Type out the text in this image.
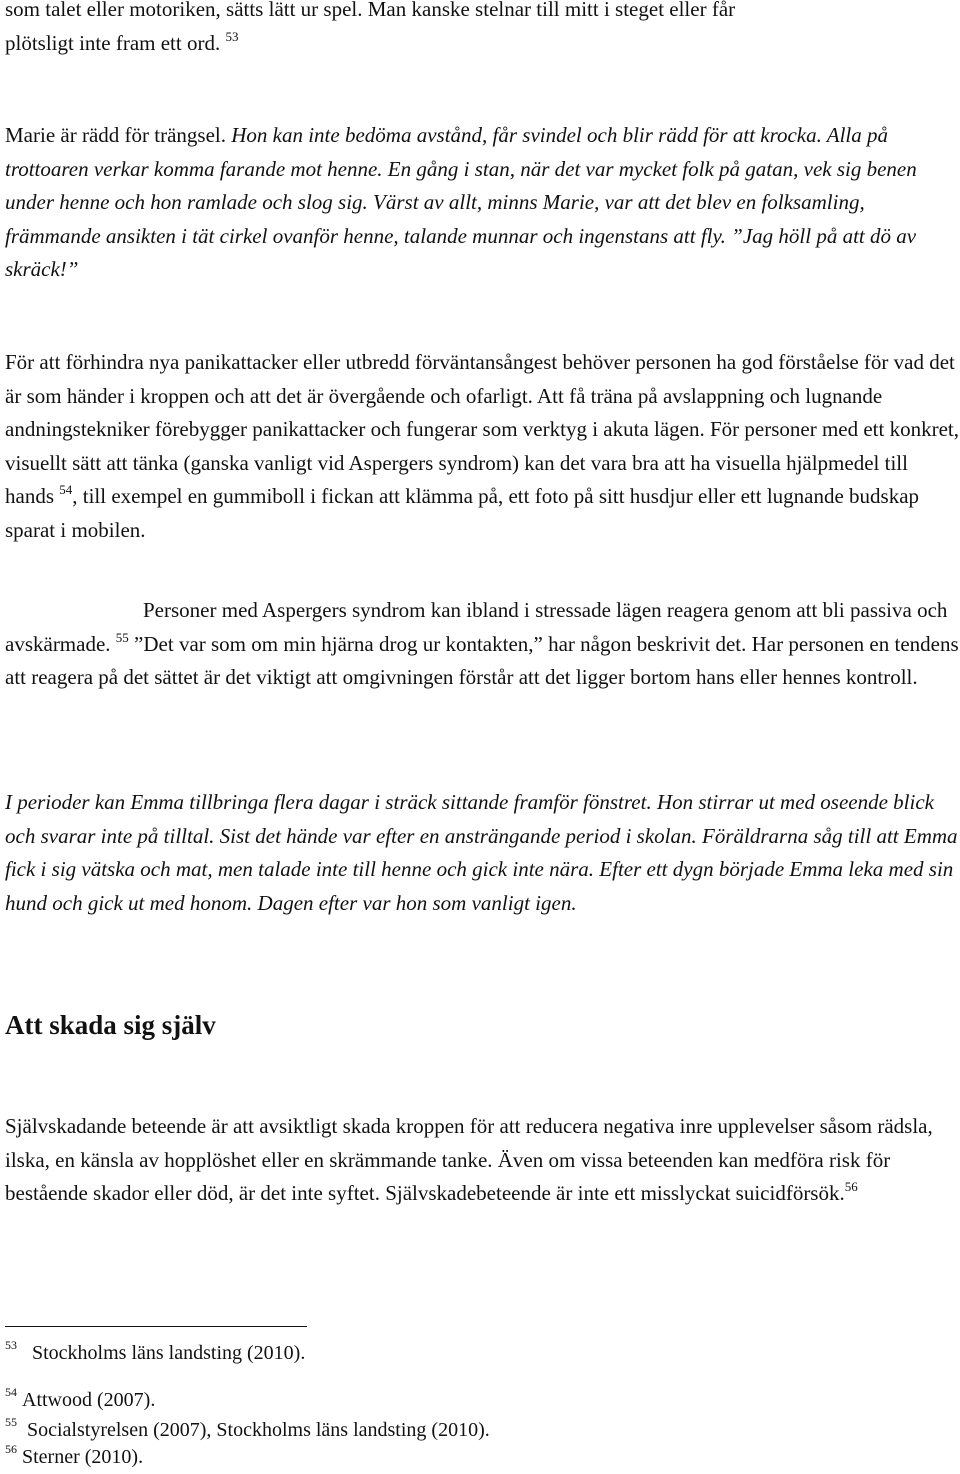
som talet eller motoriken, sätts lätt ur spel. Man kanske stelnar till mitt i steget eller får
plötsligt inte fram ett ord. $^{53}$

Marie är rädd för trängsel. Hon kan inte bedöma avstånd, får svindel och blir rädd för att krocka. Alla på trottoaren verkar komma farande mot henne. En gång i stan, när det var mycket folk på gatan, vek sig benen under henne och hon ramlade och slog sig. Värst av allt, minns Marie, var att det blev en folksamling, främmande ansikten i tät cirkel ovanför henne, talande munnar och ingenstans att fly. ”Jag höll på att dö av skräck!”

För att förhindra nya panikattacker eller utbredd förväntansångest behöver personen ha god förståelse för vad det är som händer i kroppen och att det är övergående och ofarligt. Att få träna på avslappning och lugnande andningstekniker förebygger panikattacker och fungerar som verktyg i akuta lägen. För personer med ett konkret, visuellt sätt att tänka (ganska vanligt vid Aspergers syndrom) kan det vara bra att ha visuella hjälpmedel till hands $^{54}$, till exempel en gummiboll i fickan att klämma på, ett foto på sitt husdjur eller ett lugnande budskap sparat i mobilen.

Personer med Aspergers syndrom kan ibland i stressade lägen reagera genom att bli passiva och avskärmade. $^{55}$ ”Det var som om min hjärna drog ur kontakten,” har någon beskrivit det. Har personen en tendens att reagera på det sättet är det viktigt att omgivningen förstår att det ligger bortom hans eller hennes kontroll.

I perioder kan Emma tillbringa flera dagar i sträck sittande framför fönstret. Hon stirrar ut med oseende blick och svarar inte på tilltal. Sist det hände var efter en ansträngande period i skolan. Föräldrarna såg till att Emma fick i sig vätska och mat, men talade inte till henne och gick inte nära. Efter ett dygn började Emma leka med sin hund och gick ut med honom. Dagen efter var hon som vanligt igen.

Att skada sig själv

Självskadande beteende är att avsiktligt skada kroppen för att reducera negativa inre upplevelser såsom rädsla, ilska, en känsla av hopplöshet eller en skrämmande tanke. Även om vissa beteenden kan medföra risk för bestående skador eller död, är det inte syftet. Självskadebeteende är inte ett misslyckat suicidförsök.$^{56}$

$^{53}$ Stockholms läns landsting (2010).

$^{54}$ Attwood (2007).

$^{55}$ Socialstyrelsen (2007), Stockholms läns landsting (2010).

$^{56}$ Sterner (2010).
